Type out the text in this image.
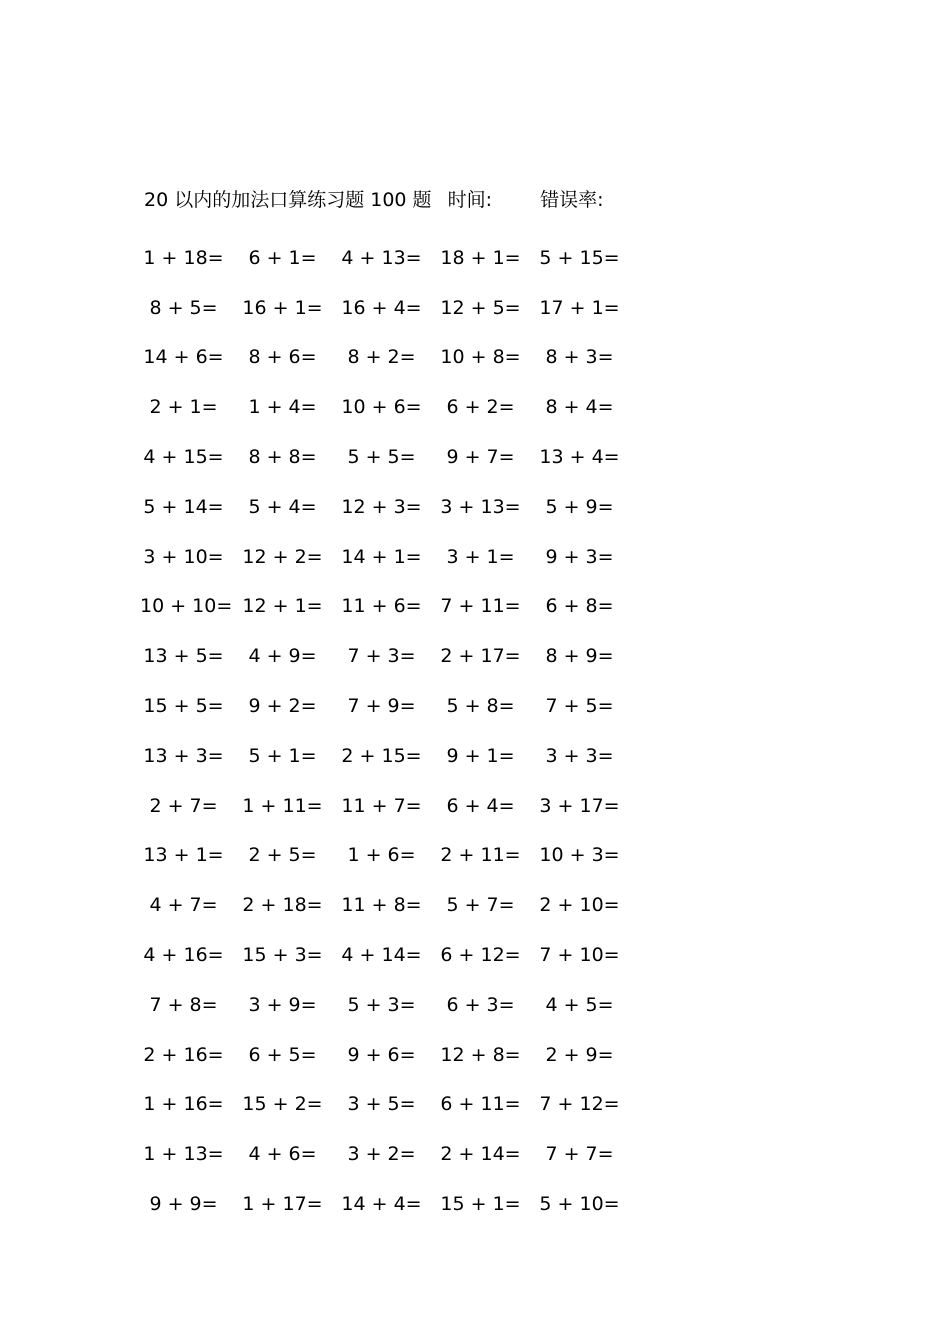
20 以内的加法口算练习题 100 题 时间:	错误率:
1 + 18=	6 + 1=	4 + 13= 18 + 1= 5 + 15=
8 + 5=	16 + 1= 16 + 4= 12 + 5= 17 + 1=
14 + 6=	8 + 6=	8 + 2=	10 + 8=	8 + 3=
2 + 1=	1 + 4=	10 + 6=	6 + 2=	8 + 4=
4 + 15=	8 + 8=	5 + 5=	9 + 7=	13 + 4=
5 + 14=	5 + 4=	12 + 3= 3 + 13=	5 + 9=
3 + 10= 12 + 2= 14 + 1=	3 + 1=	9 + 3=
10 + 10= 12 + 1= 11 + 6= 7 + 11=	6 + 8=
13 + 5=	4 + 9=	7 + 3=	2 + 17=	8 + 9=
15 + 5=	9 + 2=	7 + 9=	5 + 8=	7 + 5=
13 + 3=	5 + 1=	2 + 15=	9 + 1=	3 + 3=
2 + 7=	1 + 11= 11 + 7=	6 + 4=	3 + 17=
13 + 1=	2 + 5=	1 + 6=	2 + 11= 10 + 3=
4 + 7=	2 + 18= 11 + 8=	5 + 7=	2 + 10=
4 + 16= 15 + 3= 4 + 14= 6 + 12= 7 + 10=
7 + 8=	3 + 9=	5 + 3=	6 + 3=	4 + 5=
2 + 16=	6 + 5=	9 + 6=	12 + 8=	2 + 9=
1 + 16= 15 + 2=	3 + 5=	6 + 11= 7 + 12=
1 + 13=	4 + 6=	3 + 2=	2 + 14=	7 + 7=
9 + 9=	1 + 17= 14 + 4= 15 + 1= 5 + 10=
